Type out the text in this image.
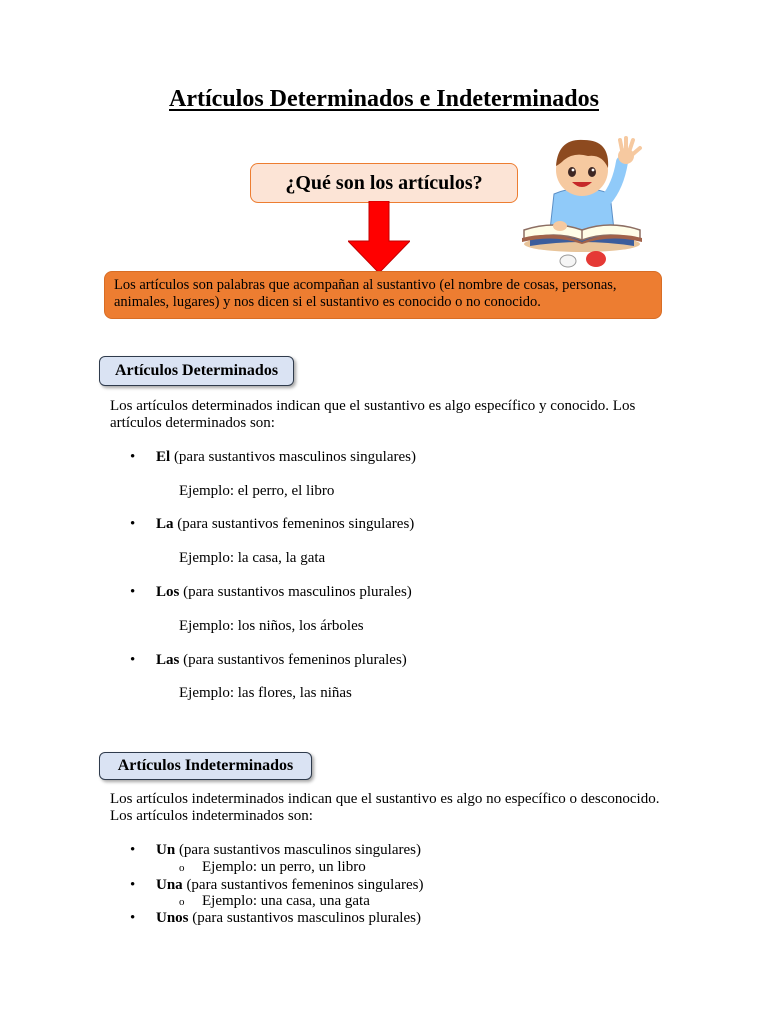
Artículos Determinados e Indeterminados
¿Qué son los artículos?
Los artículos son palabras que acompañan al sustantivo (el nombre de cosas, personas, animales, lugares) y nos dicen si el sustantivo es conocido o no conocido.
Artículos Determinados
Los artículos determinados indican que el sustantivo es algo específico y conocido. Los artículos determinados son:
• El (para sustantivos masculinos singulares)
Ejemplo: el perro, el libro
• La (para sustantivos femeninos singulares)
Ejemplo: la casa, la gata
• Los (para sustantivos masculinos plurales)
Ejemplo: los niños, los árboles
• Las (para sustantivos femeninos plurales)
Ejemplo: las flores, las niñas
Artículos Indeterminados
Los artículos indeterminados indican que el sustantivo es algo no específico o desconocido. Los artículos indeterminados son:
• Un (para sustantivos masculinos singulares)
o Ejemplo: un perro, un libro
• Una (para sustantivos femeninos singulares)
o Ejemplo: una casa, una gata
• Unos (para sustantivos masculinos plurales)
